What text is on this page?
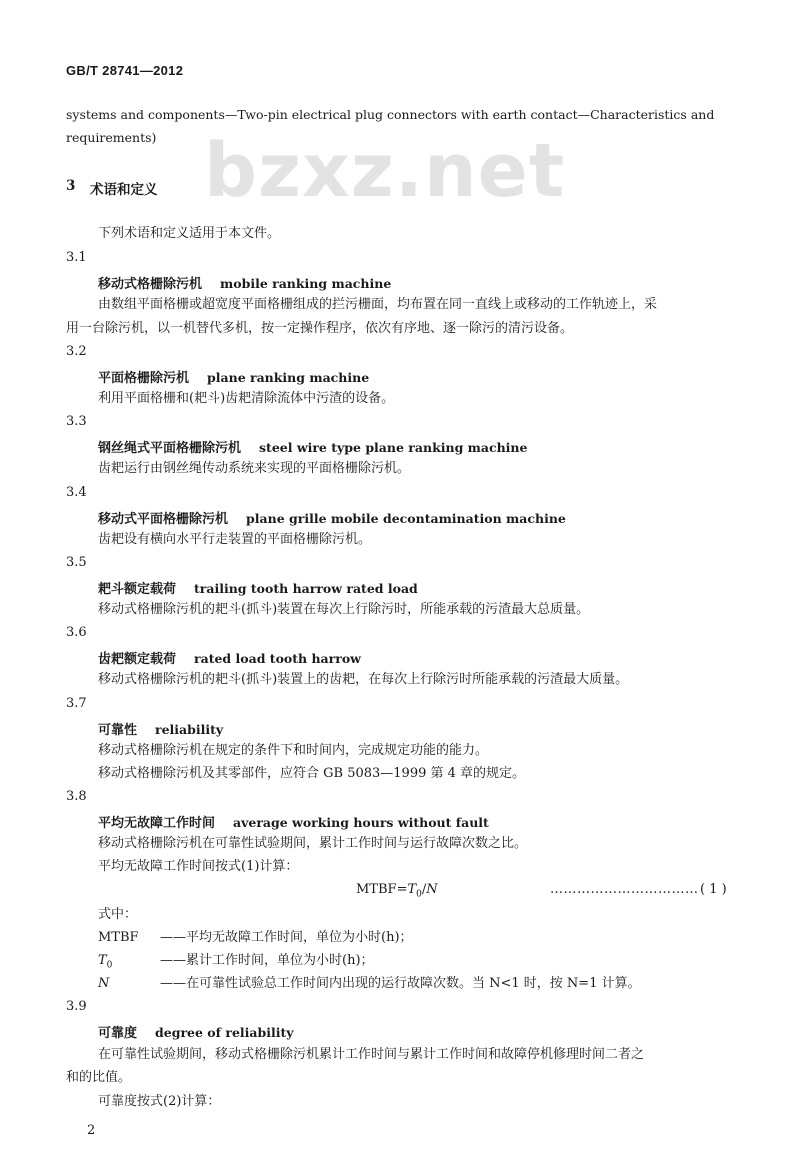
GB/T 28741—2012
bzxz.net
systems and components—Two-pin electrical plug connectors with earth contact—Characteristics and
requirements)
3 术语和定义
下列术语和定义适用于本文件。
3.1
移动式格栅除污机 mobile ranking machine
由数组平面格栅或超宽度平面格栅组成的拦污栅面，均布置在同一直线上或移动的工作轨迹上，采
用一台除污机，以一机替代多机，按一定操作程序，依次有序地、逐一除污的清污设备。
3.2
平面格栅除污机 plane ranking machine
利用平面格栅和(耙斗)齿耙清除流体中污渣的设备。
3.3
钢丝绳式平面格栅除污机 steel wire type plane ranking machine
齿耙运行由钢丝绳传动系统来实现的平面格栅除污机。
3.4
移动式平面格栅除污机 plane grille mobile decontamination machine
齿耙设有横向水平行走装置的平面格栅除污机。
3.5
耙斗额定载荷 trailing tooth harrow rated load
移动式格栅除污机的耙斗(抓斗)装置在每次上行除污时，所能承载的污渣最大总质量。
3.6
齿耙额定载荷 rated load tooth harrow
移动式格栅除污机的耙斗(抓斗)装置上的齿耙，在每次上行除污时所能承载的污渣最大质量。
3.7
可靠性 reliability
移动式格栅除污机在规定的条件下和时间内，完成规定功能的能力。
移动式格栅除污机及其零部件，应符合 GB 5083—1999 第 4 章的规定。
3.8
平均无故障工作时间 average working hours without fault
移动式格栅除污机在可靠性试验期间，累计工作时间与运行故障次数之比。
平均无故障工作时间按式(1)计算：
$MTBF=T_0/N$	…………………………… ( 1 )
式中：
MTBF ——平均无故障工作时间，单位为小时(h)；
$T_0$	——累计工作时间，单位为小时(h)；
N	——在可靠性试验总工作时间内出现的运行故障次数。当 N<1 时，按 N=1 计算。
3.9
可靠度 degree of reliability
在可靠性试验期间，移动式格栅除污机累计工作时间与累计工作时间和故障停机修理时间二者之
和的比值。
可靠度按式(2)计算：
2
